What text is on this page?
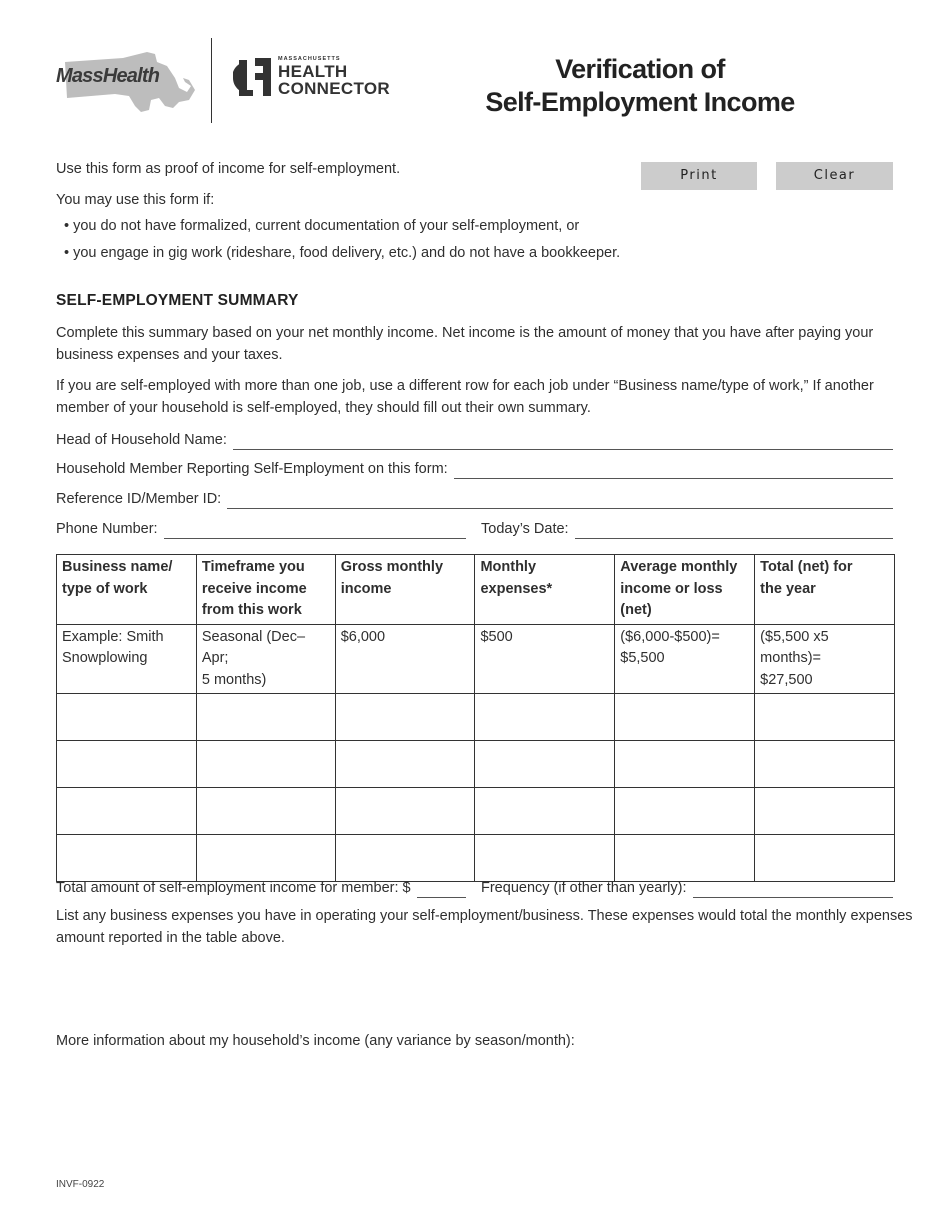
MassHealth
MASSACHUSETTS
HEALTH
CONNECTOR
Verification of
Self-Employment Income
Print	Clear
Use this form as proof of income for self-employment.
You may use this form if:
• you do not have formalized, current documentation of your self-employment, or
• you engage in gig work (rideshare, food delivery, etc.) and do not have a bookkeeper.
SELF-EMPLOYMENT SUMMARY
Complete this summary based on your net monthly income. Net income is the amount of money that you have after paying your
business expenses and your taxes.
If you are self-employed with more than one job, use a different row for each job under “Business name/type of work,” If another
member of your household is self-employed, they should fill out their own summary.
Head of Household Name:
Household Member Reporting Self-Employment on this form:
Reference ID/Member ID:
Phone Number:	Today’s Date:
Business name/
type of work	Timeframe you
receive income
from this work	Gross monthly
income	Monthly expenses*	Average monthly
income or loss (net)	Total (net) for
the year
Example: Smith
Snowplowing	Seasonal (Dec–Apr;
5 months)	$6,000	$500	($6,000-$500)=
$5,500	($5,500 x5 months)=
$27,500

Total amount of self-employment income for member: $	Frequency (if other than yearly):
List any business expenses you have in operating your self-employment/business. These expenses would total the monthly expenses
amount reported in the table above.
More information about my household’s income (any variance by season/month):
INVF-0922
